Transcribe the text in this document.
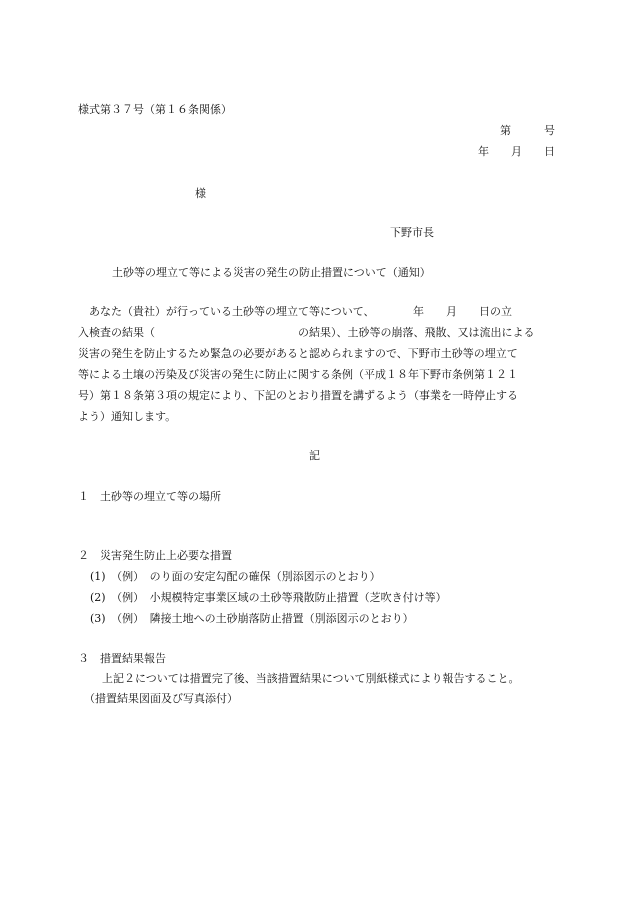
様式第３７号（第１６条関係）
第　　　号
年　　月　　日
様
下野市長
土砂等の埋立て等による災害の発生の防止措置について（通知）
　あなた（貴社）が行っている土砂等の埋立て等について、　　　　年　　月　　日の立
入検査の結果（　　　　　　　　　　　　　の結果）、土砂等の崩落、飛散、又は流出による
災害の発生を防止するため緊急の必要があると認められますので、下野市土砂等の埋立て
等による土壌の汚染及び災害の発生に防止に関する条例（平成１８年下野市条例第１２１
号）第１８条第３項の規定により、下記のとおり措置を講ずるよう（事業を一時停止する
よう）通知します。
記
１　土砂等の埋立て等の場所
２　災害発生防止上必要な措置
(1)　（例）　のり面の安定勾配の確保（別添図示のとおり）
(2)　（例）　小規模特定事業区域の土砂等飛散防止措置（芝吹き付け等）
(3)　（例）　隣接土地への土砂崩落防止措置（別添図示のとおり）
３　措置結果報告
上記２については措置完了後、当該措置結果について別紙様式により報告すること。
（措置結果図面及び写真添付）
